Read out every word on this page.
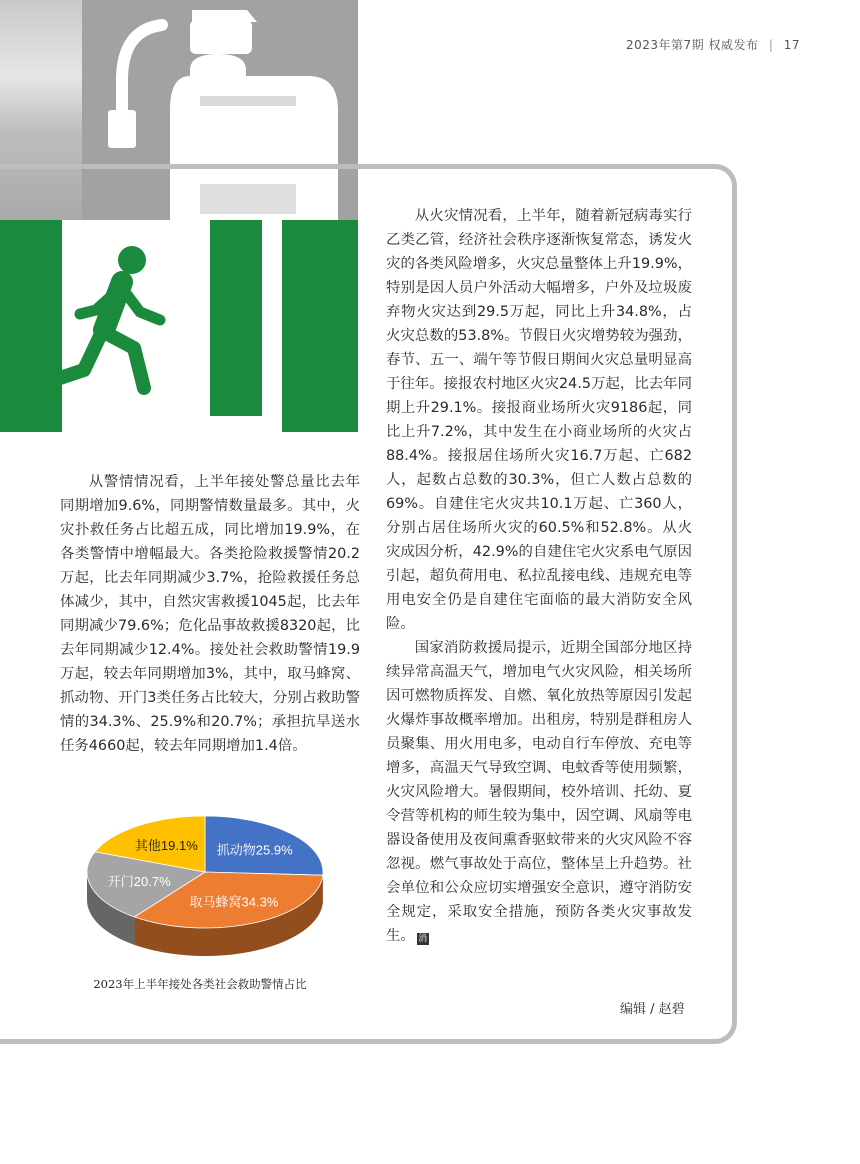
2023年第7期 权威发布 | 17

从警情情况看，上半年接处警总量比去年同期增加9.6%，同期警情数量最多。其中，火灾扑救任务占比超五成，同比增加19.9%，在各类警情中增幅最大。各类抢险救援警情20.2万起，比去年同期减少3.7%，抢险救援任务总体减少，其中，自然灾害救援1045起，比去年同期减少79.6%；危化品事故救援8320起，比去年同期减少12.4%。接处社会救助警情19.9万起，较去年同期增加3%，其中，取马蜂窝、抓动物、开门3类任务占比较大，分别占救助警情的34.3%、25.9%和20.7%；承担抗旱送水任务4660起，较去年同期增加1.4倍。

从火灾情况看，上半年，随着新冠病毒实行乙类乙管，经济社会秩序逐渐恢复常态，诱发火灾的各类风险增多，火灾总量整体上升19.9%，特别是因人员户外活动大幅增多，户外及垃圾废弃物火灾达到29.5万起，同比上升34.8%，占火灾总数的53.8%。节假日火灾增势较为强劲，春节、五一、端午等节假日期间火灾总量明显高于往年。接报农村地区火灾24.5万起，比去年同期上升29.1%。接报商业场所火灾9186起，同比上升7.2%，其中发生在小商业场所的火灾占88.4%。接报居住场所火灾16.7万起、亡682人，起数占总数的30.3%，但亡人数占总数的69%。自建住宅火灾共10.1万起、亡360人，分别占居住场所火灾的60.5%和52.8%。从火灾成因分析，42.9%的自建住宅火灾系电气原因引起，超负荷用电、私拉乱接电线、违规充电等用电安全仍是自建住宅面临的最大消防安全风险。

国家消防救援局提示，近期全国部分地区持续异常高温天气，增加电气火灾风险，相关场所因可燃物质挥发、自燃、氧化放热等原因引发起火爆炸事故概率增加。出租房，特别是群租房人员聚集、用火用电多，电动自行车停放、充电等增多，高温天气导致空调、电蚊香等使用频繁，火灾风险增大。暑假期间，校外培训、托幼、夏令营等机构的师生较为集中，因空调、风扇等电器设备使用及夜间熏香驱蚊带来的火灾风险不容忽视。燃气事故处于高位，整体呈上升趋势。社会单位和公众应切实增强安全意识，遵守消防安全规定，采取安全措施，预防各类火灾事故发生。 消

编辑 / 赵碧
抓动物25.9%
取马蜂窝34.3%
开门20.7%
其他19.1%
2023年上半年接处各类社会救助警情占比
